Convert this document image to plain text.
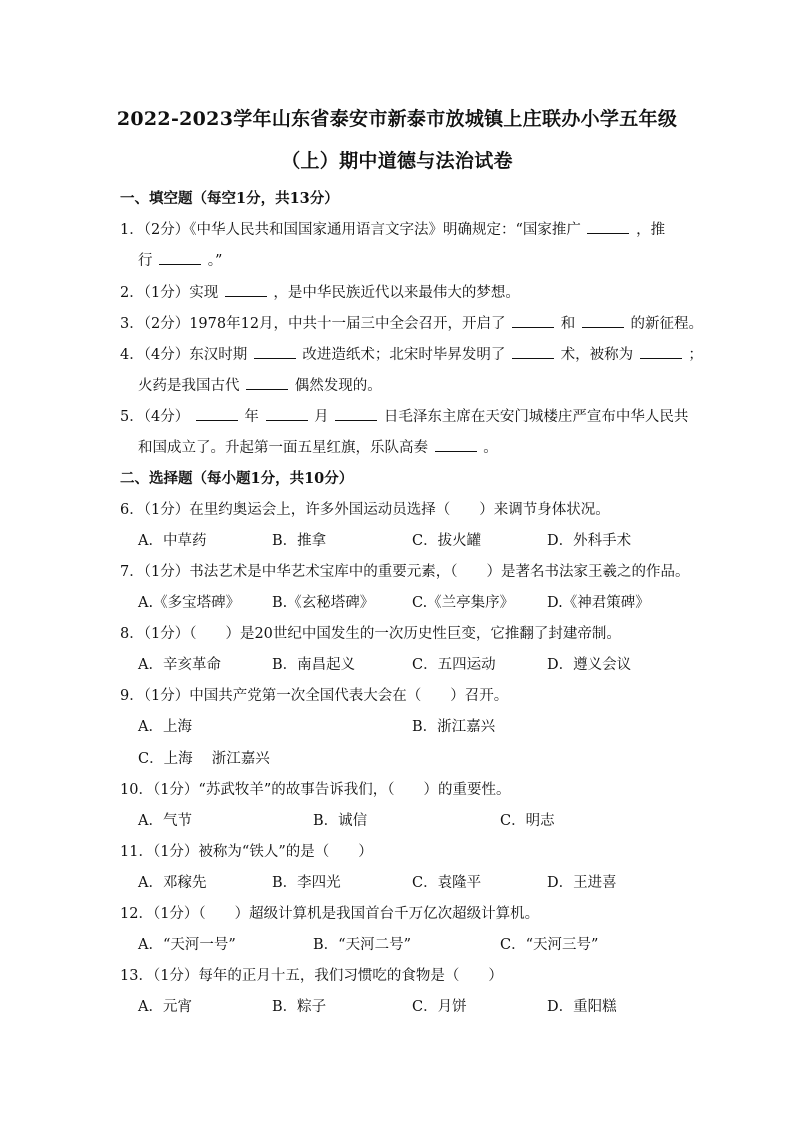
2022-2023学年山东省泰安市新泰市放城镇上庄联办小学五年级
（上）期中道德与法治试卷
一、填空题（每空1分，共13分）
1．（2分）《中华人民共和国国家通用语言文字法》明确规定：“国家推广	，推
行	。”
2．（1分）实现	，是中华民族近代以来最伟大的梦想。
3．（2分）1978年12月，中共十一届三中全会召开，开启了	和	的新征程。
4．（4分）东汉时期	改进造纸术；北宋时毕昇发明了	术，被称为	；
火药是我国古代	偶然发现的。
5．（4分）	年	月	日毛泽东主席在天安门城楼庄严宣布中华人民共
和国成立了。升起第一面五星红旗，乐队高奏	。
二、选择题（每小题1分，共10分）
6．（1分）在里约奥运会上，许多外国运动员选择（　　）来调节身体状况。
A．中草药	B．推拿	C．拔火罐	D．外科手术
7．（1分）书法艺术是中华艺术宝库中的重要元素，（　　）是著名书法家王羲之的作品。
A.《多宝塔碑》 B.《玄秘塔碑》	C.《兰亭集序》 D.《神君策碑》
8．（1分）（　　）是20世纪中国发生的一次历史性巨变，它推翻了封建帝制。
A．辛亥革命	B．南昌起义	C．五四运动	D．遵义会议
9．（1分）中国共产党第一次全国代表大会在（　　）召开。
A．上海	B．浙江嘉兴
C．上海　 浙江嘉兴
10．（1分）“苏武牧羊”的故事告诉我们，（　　）的重要性。
A．气节	B．诚信	C．明志
11．（1分）被称为“铁人”的是（　　）
A．邓稼先	B．李四光	C．袁隆平	D．王进喜
12．（1分）（　　）超级计算机是我国首台千万亿次超级计算机。
A．“天河一号”	B．“天河二号”	C．“天河三号”
13．（1分）每年的正月十五，我们习惯吃的食物是（　　）
A．元宵	B．粽子	C．月饼	D．重阳糕
